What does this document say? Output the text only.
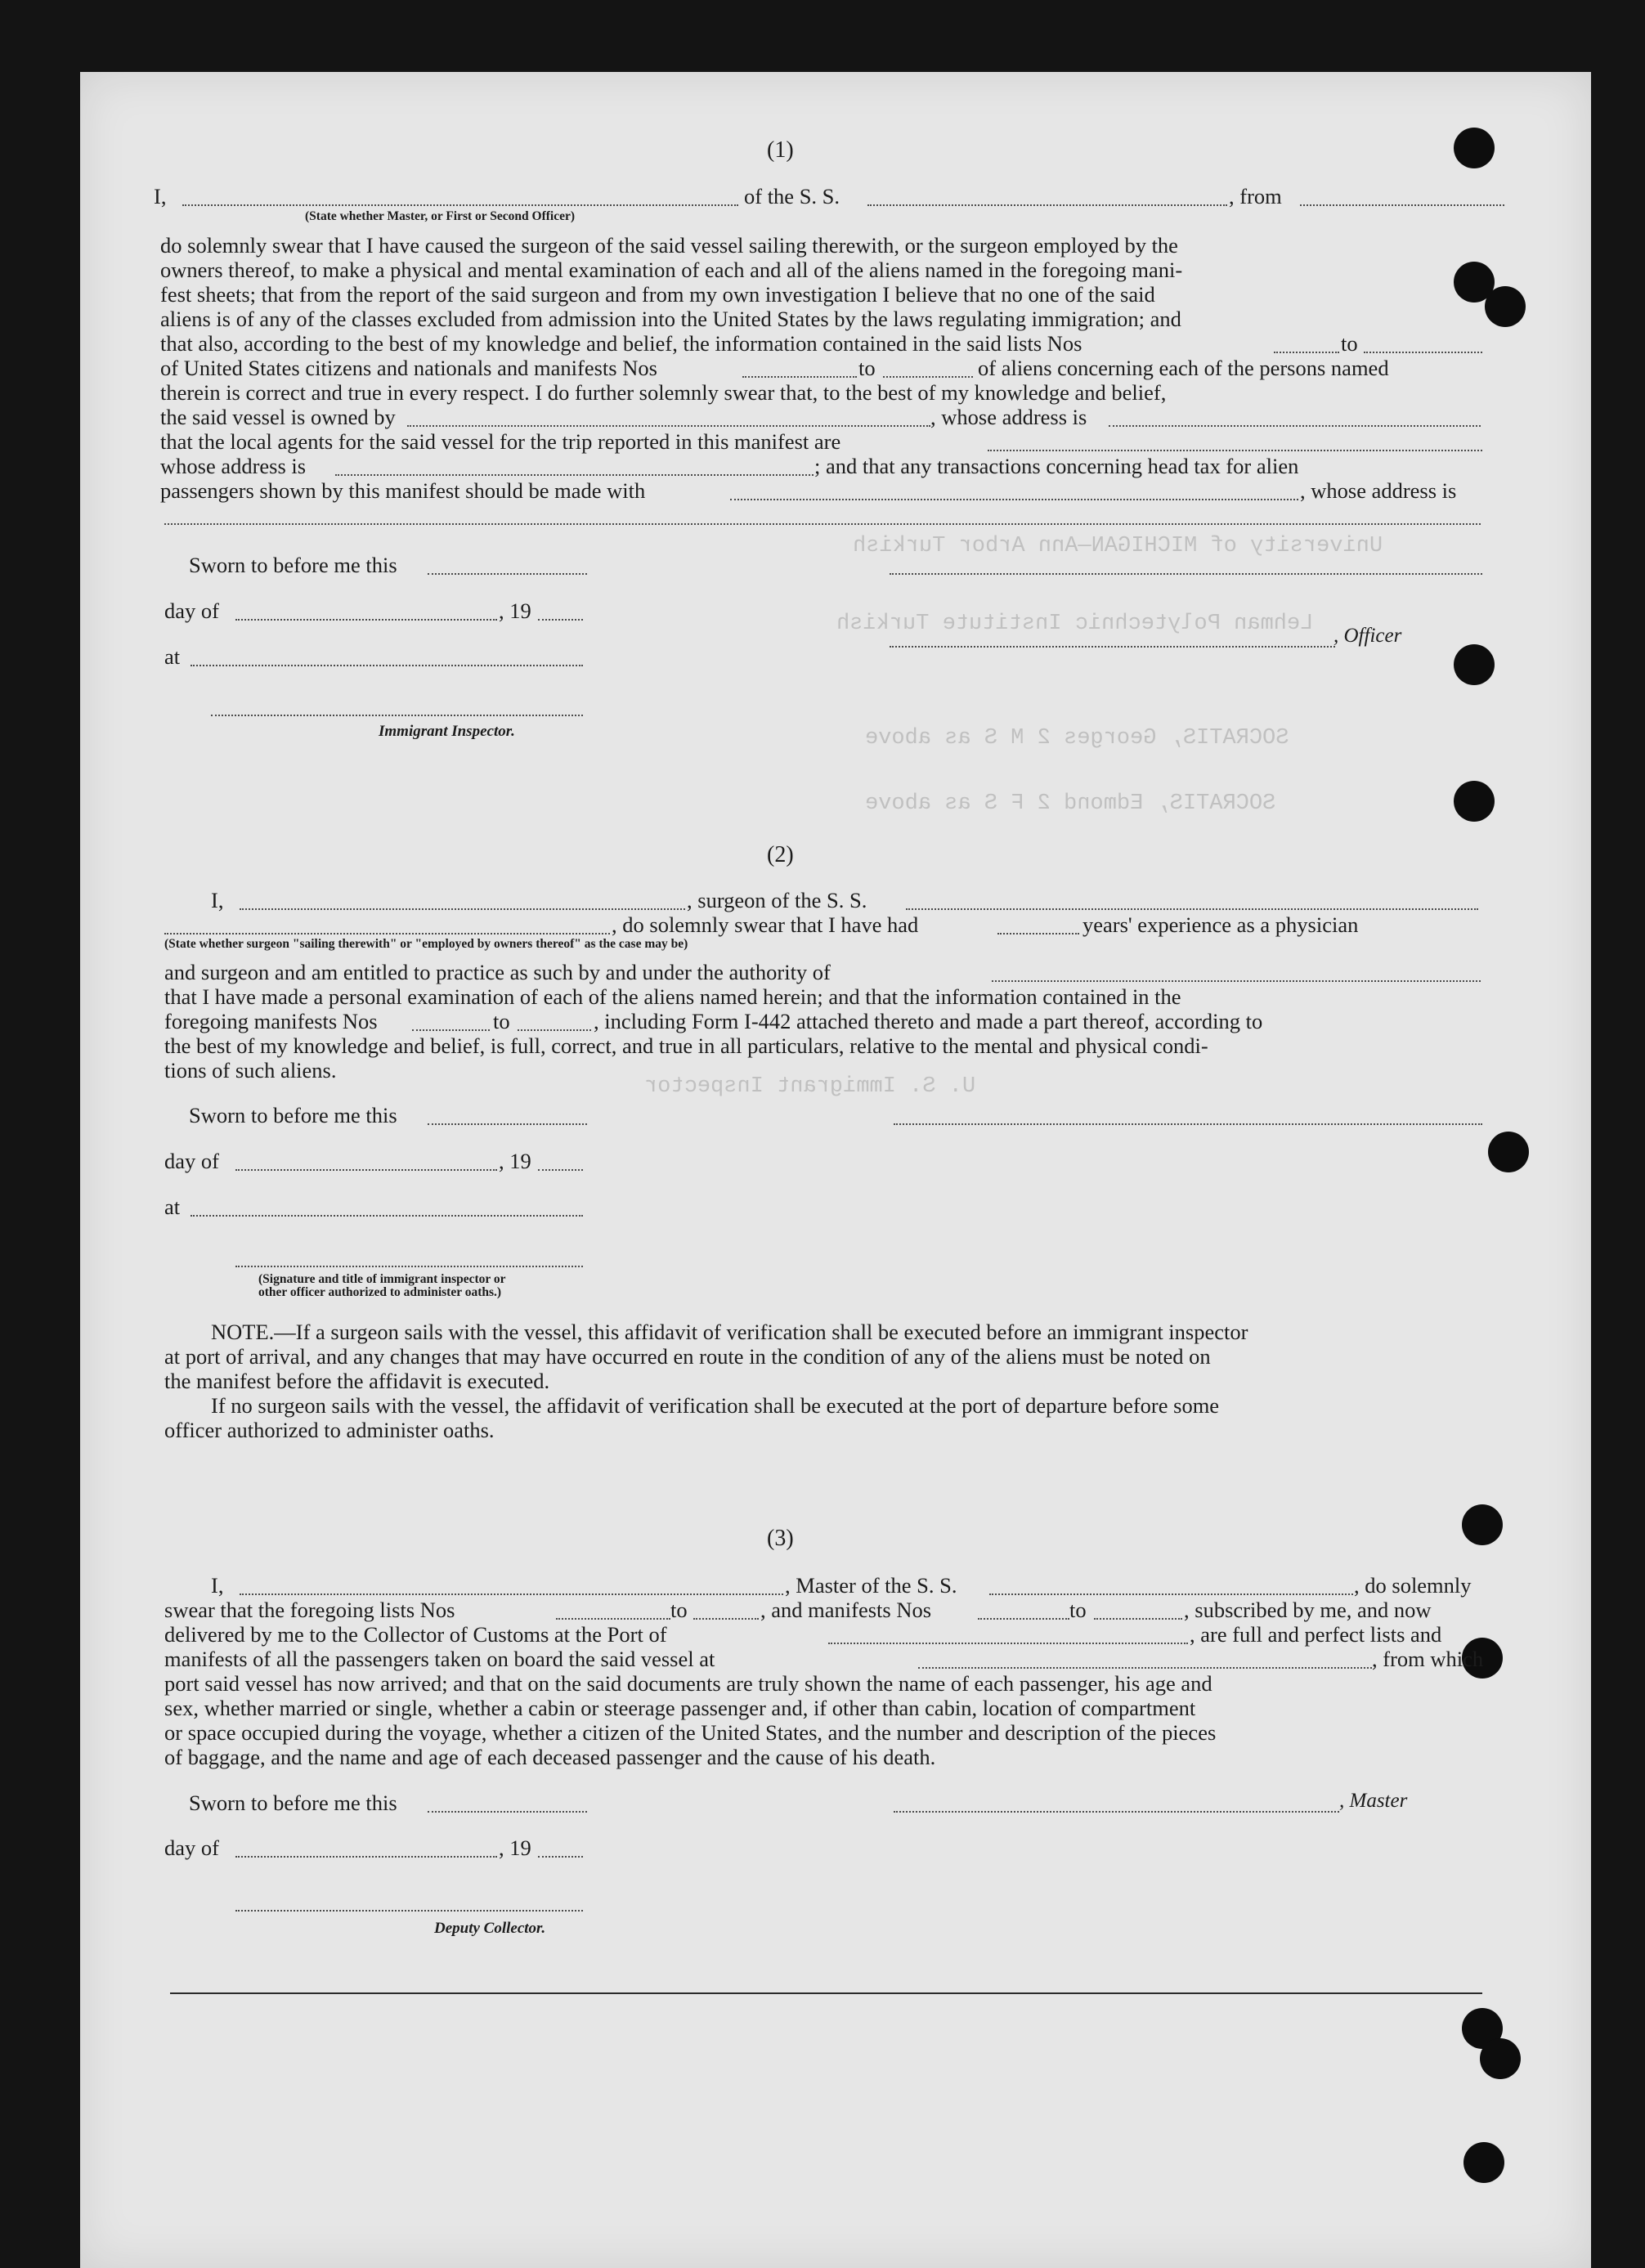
University of MICHIGAN—Ann Arbor Turkish
Lehman Polytechnic Institute Turkish
SOCRATIS, Georges 2 M S as above
SOCRATIS, Edmond 2 F S as above
U. S. Immigrant Inspector
(1)
I,	of the S. S.	, from
(State whether Master, or First or Second Officer)
do solemnly swear that I have caused the surgeon of the said vessel sailing therewith, or the surgeon employed by the
owners thereof, to make a physical and mental examination of each and all of the aliens named in the foregoing mani-
fest sheets; that from the report of the said surgeon and from my own investigation I believe that no one of the said
aliens is of any of the classes excluded from admission into the United States by the laws regulating immigration; and
that also, according to the best of my knowledge and belief, the information contained in the said lists Nos	to
of United States citizens and nationals and manifests Nos	to	of aliens concerning each of the persons named
therein is correct and true in every respect. I do further solemnly swear that, to the best of my knowledge and belief,
the said vessel is owned by	, whose address is
that the local agents for the said vessel for the trip reported in this manifest are
whose address is	; and that any transactions concerning head tax for alien
passengers shown by this manifest should be made with	, whose address is
Sworn to before me this
day of	, 19
, Officer
at
Immigrant Inspector.
(2)
I,	, surgeon of the S. S.
, do solemnly swear that I have had	years' experience as a physician
(State whether surgeon "sailing therewith" or "employed by owners thereof" as the case may be)
and surgeon and am entitled to practice as such by and under the authority of
that I have made a personal examination of each of the aliens named herein; and that the information contained in the
foregoing manifests Nos	to	, including Form I-442 attached thereto and made a part thereof, according to
the best of my knowledge and belief, is full, correct, and true in all particulars, relative to the mental and physical condi-
tions of such aliens.
Sworn to before me this
day of	, 19
at
(Signature and title of immigrant inspector or
other officer authorized to administer oaths.)
NOTE.—If a surgeon sails with the vessel, this affidavit of verification shall be executed before an immigrant inspector
at port of arrival, and any changes that may have occurred en route in the condition of any of the aliens must be noted on
the manifest before the affidavit is executed.
If no surgeon sails with the vessel, the affidavit of verification shall be executed at the port of departure before some
officer authorized to administer oaths.
(3)
I,	, Master of the S. S.	, do solemnly
swear that the foregoing lists Nos	to	, and manifests Nos	to	, subscribed by me, and now
delivered by me to the Collector of Customs at the Port of	, are full and perfect lists and
manifests of all the passengers taken on board the said vessel at	, from which
port said vessel has now arrived; and that on the said documents are truly shown the name of each passenger, his age and
sex, whether married or single, whether a cabin or steerage passenger and, if other than cabin, location of compartment
or space occupied during the voyage, whether a citizen of the United States, and the number and description of the pieces
of baggage, and the name and age of each deceased passenger and the cause of his death.
Sworn to before me this	, Master
day of	, 19
Deputy Collector.
